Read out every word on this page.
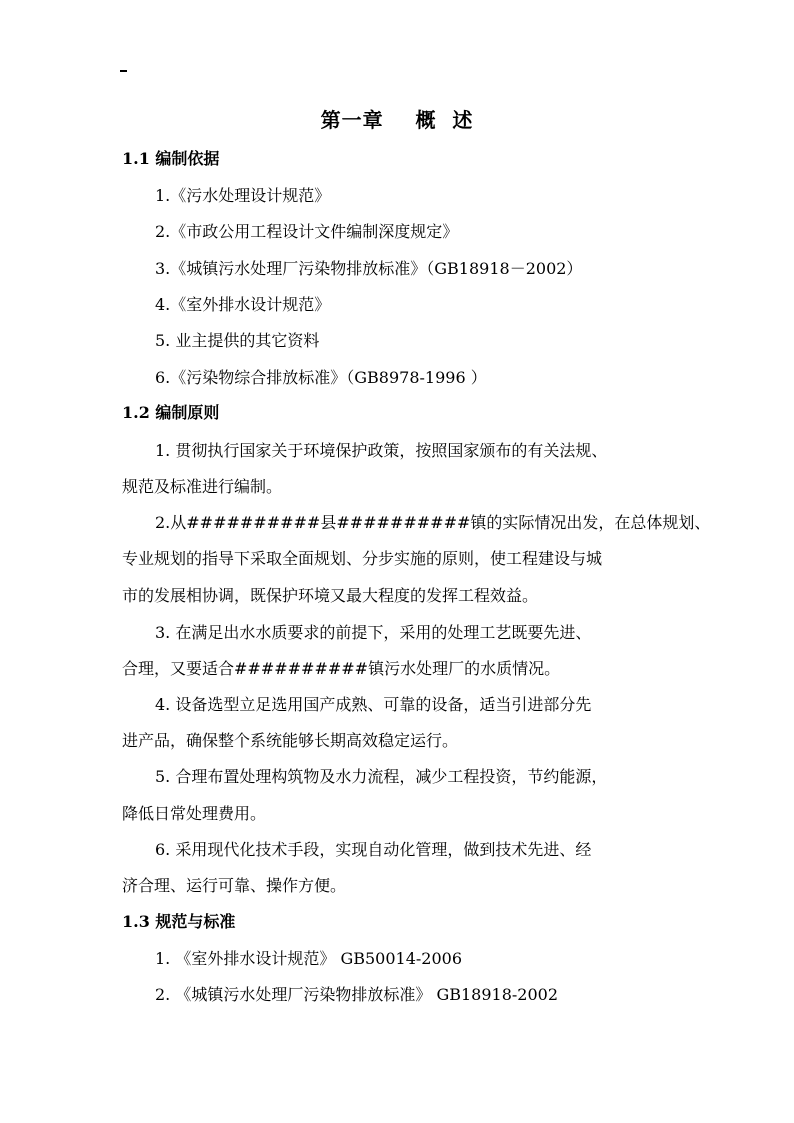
第一章    概  述
1.1 编制依据
1.《污水处理设计规范》
2.《市政公用工程设计文件编制深度规定》
3.《城镇污水处理厂污染物排放标准》（GB18918－2002）
4.《室外排水设计规范》
5. 业主提供的其它资料
6.《污染物综合排放标准》（GB8978-1996 ）
1.2 编制原则
1. 贯彻执行国家关于环境保护政策，按照国家颁布的有关法规、
规范及标准进行编制。
2.从##########县##########镇的实际情况出发，在总体规划、
专业规划的指导下采取全面规划、分步实施的原则，使工程建设与城
市的发展相协调，既保护环境又最大程度的发挥工程效益。
3. 在满足出水水质要求的前提下，采用的处理工艺既要先进、
合理，又要适合##########镇污水处理厂的水质情况。
4. 设备选型立足选用国产成熟、可靠的设备，适当引进部分先
进产品，确保整个系统能够长期高效稳定运行。
5. 合理布置处理构筑物及水力流程，减少工程投资，节约能源，
降低日常处理费用。
6. 采用现代化技术手段，实现自动化管理，做到技术先进、经
济合理、运行可靠、操作方便。
1.3 规范与标准
1. 《室外排水设计规范》 GB50014-2006
2. 《城镇污水处理厂污染物排放标准》 GB18918-2002
